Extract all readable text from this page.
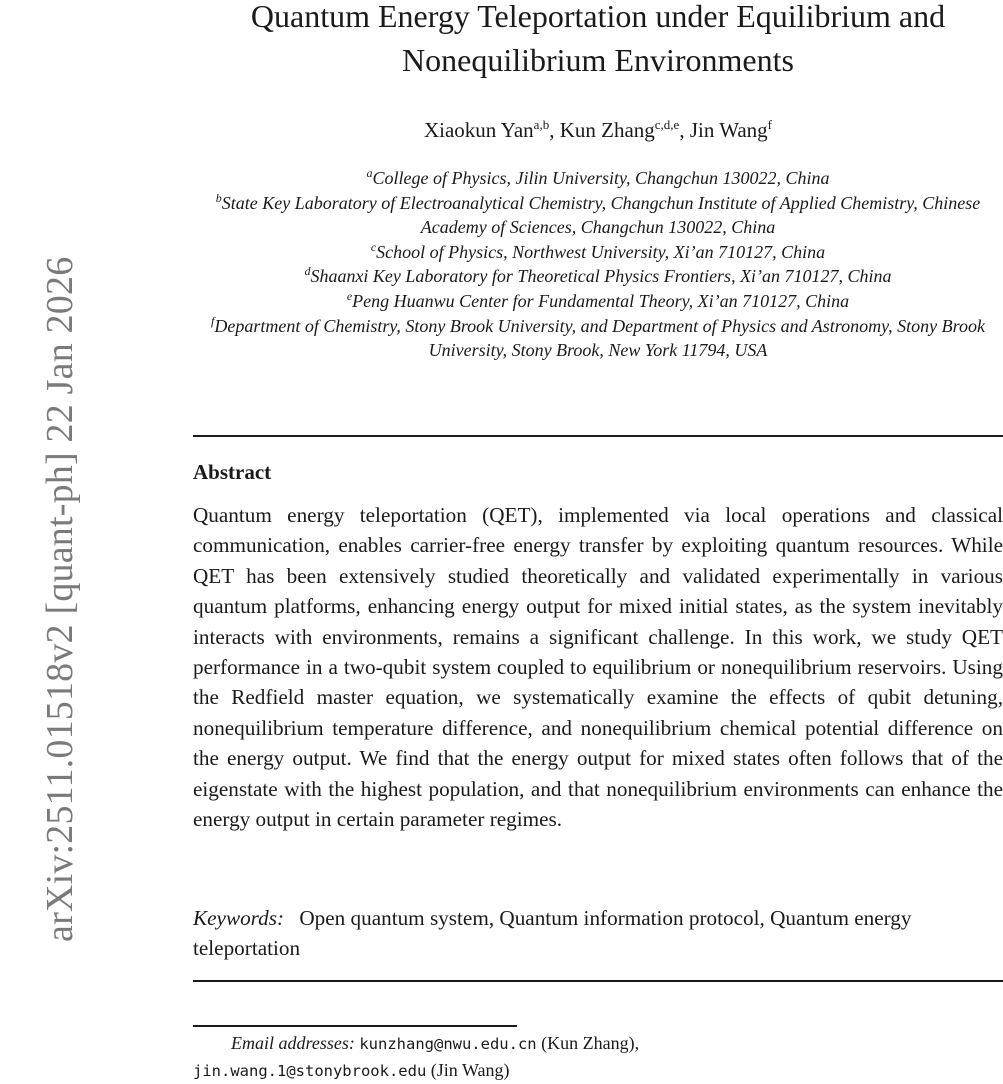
arXiv:2511.01518v2 [quant-ph] 22 Jan 2026
Quantum Energy Teleportation under Equilibrium and
Nonequilibrium Environments
Xiaokun Yan$^{a,b}$, Kun Zhang$^{c,d,e}$, Jin Wang$^f$
$^a$College of Physics, Jilin University, Changchun 130022, China
$^b$State Key Laboratory of Electroanalytical Chemistry, Changchun Institute of Applied Chemistry, Chinese Academy of Sciences, Changchun 130022, China
$^c$School of Physics, Northwest University, Xi’an 710127, China
$^d$Shaanxi Key Laboratory for Theoretical Physics Frontiers, Xi’an 710127, China
$^e$Peng Huanwu Center for Fundamental Theory, Xi’an 710127, China
$^f$Department of Chemistry, Stony Brook University, and Department of Physics and Astronomy, Stony Brook University, Stony Brook, New York 11794, USA
Abstract
Quantum energy teleportation (QET), implemented via local operations and classical communication, enables carrier-free energy transfer by exploiting quantum resources. While QET has been extensively studied theoretically and validated experimentally in various quantum platforms, enhancing energy output for mixed initial states, as the system inevitably interacts with environments, remains a significant challenge. In this work, we study QET performance in a two-qubit system coupled to equilibrium or nonequilibrium reservoirs. Using the Redfield master equation, we systematically examine the effects of qubit detuning, nonequilibrium temperature difference, and nonequilibrium chemical potential difference on the energy output. We find that the energy output for mixed states often follows that of the eigenstate with the highest population, and that nonequilibrium environments can enhance the energy output in certain parameter regimes.
Keywords: Open quantum system, Quantum information protocol, Quantum energy teleportation
Email addresses: kunzhang@nwu.edu.cn (Kun Zhang),
jin.wang.1@stonybrook.edu (Jin Wang)
